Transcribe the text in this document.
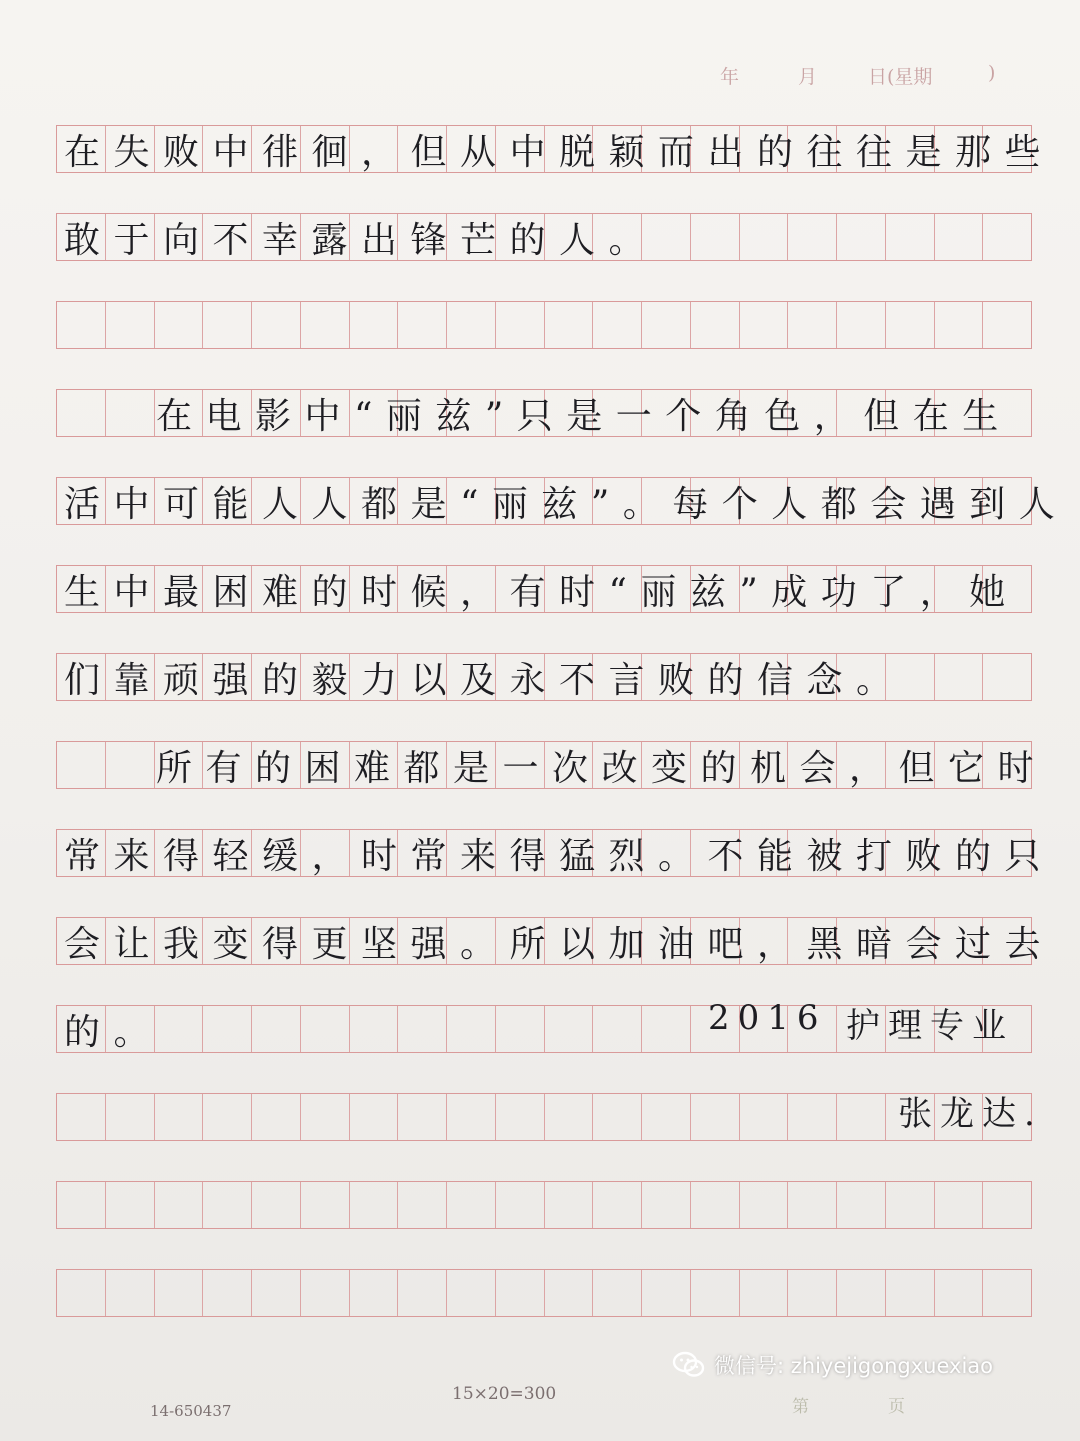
年	月	日(星期	)
在失败中徘徊，但从中脱颖而出的往往是那些
敢于向不幸露出锋芒的人。
在电影中“丽兹”只是一个角色，但在生
活中可能人人都是“丽兹”。每个人都会遇到人
生中最困难的时候，有时“丽兹”成功了，她
们靠顽强的毅力以及永不言败的信念。
所有的困难都是一次改变的机会，但它时
常来得轻缓，时常来得猛烈。不能被打败的只
会让我变得更坚强。所以加油吧，黑暗会过去
的。	2016 护理专业
张龙达.
14-650437
15×20=300
第	页
微信号: zhiyejigongxuexiao
